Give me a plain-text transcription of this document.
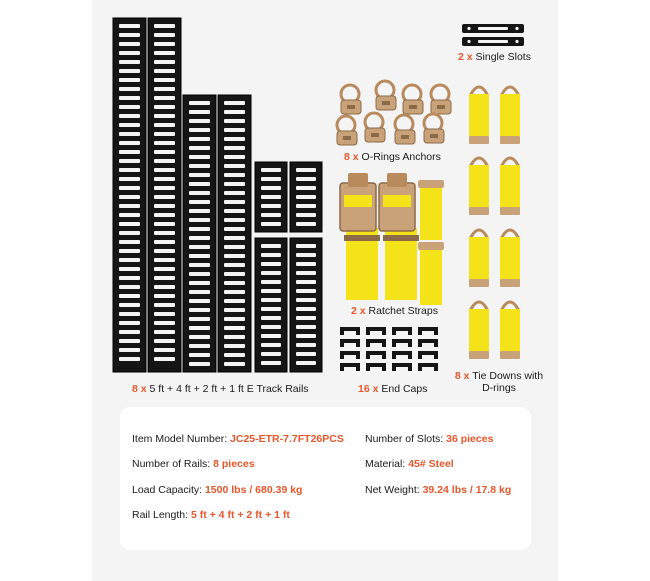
2 x Single Slots
8 x O-Rings Anchors
2 x Ratchet Straps
16 x End Caps
8 x Tie Downs with
D-rings
8 x 5 ft + 4 ft + 2 ft + 1 ft E Track Rails
Item Model Number: JC25-ETR-7.7FT26PCS Number of Slots: 36 pieces
Number of Rails: 8 pieces	Material: 45# Steel
Load Capacity: 1500 lbs / 680.39 kg	Net Weight: 39.24 lbs / 17.8 kg
Rail Length: 5 ft + 4 ft + 2 ft + 1 ft
